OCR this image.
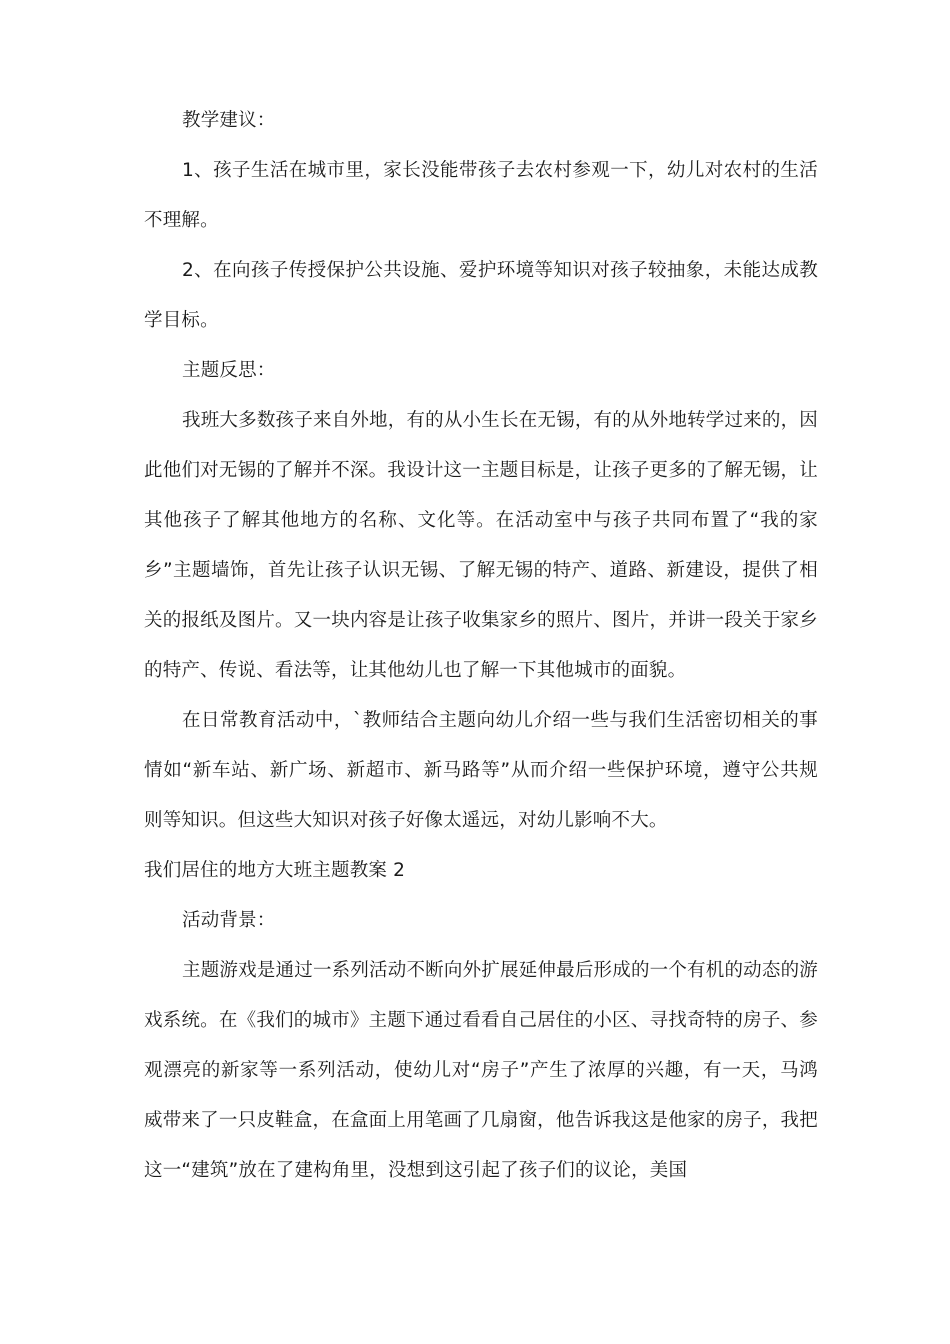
教学建议：

1、孩子生活在城市里，家长没能带孩子去农村参观一下，幼儿对农村的生活不理解。

2、在向孩子传授保护公共设施、爱护环境等知识对孩子较抽象，未能达成教学目标。

主题反思：

我班大多数孩子来自外地，有的从小生长在无锡，有的从外地转学过来的，因此他们对无锡的了解并不深。我设计这一主题目标是，让孩子更多的了解无锡，让其他孩子了解其他地方的名称、文化等。在活动室中与孩子共同布置了“我的家乡”主题墙饰，首先让孩子认识无锡、了解无锡的特产、道路、新建设，提供了相关的报纸及图片。又一块内容是让孩子收集家乡的照片、图片，并讲一段关于家乡的特产、传说、看法等，让其他幼儿也了解一下其他城市的面貌。

在日常教育活动中，`教师结合主题向幼儿介绍一些与我们生活密切相关的事情如“新车站、新广场、新超市、新马路等”从而介绍一些保护环境，遵守公共规则等知识。但这些大知识对孩子好像太遥远，对幼儿影响不大。

我们居住的地方大班主题教案 2

活动背景：

主题游戏是通过一系列活动不断向外扩展延伸最后形成的一个有机的动态的游戏系统。在《我们的城市》主题下通过看看自己居住的小区、寻找奇特的房子、参观漂亮的新家等一系列活动，使幼儿对“房子”产生了浓厚的兴趣，有一天，马鸿威带来了一只皮鞋盒，在盒面上用笔画了几扇窗，他告诉我这是他家的房子，我把这一“建筑”放在了建构角里，没想到这引起了孩子们的议论，美国
